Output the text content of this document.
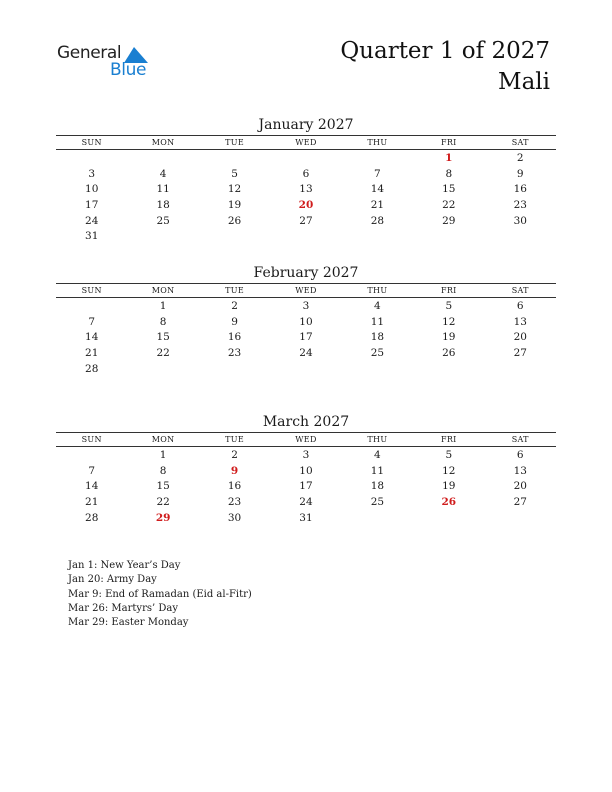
General
Blue
Quarter 1 of 2027
Mali
January 2027
SUN	MON	TUE	WED	THU	FRI	SAT
					1	2
3	4	5	6	7	8	9
10	11	12	13	14	15	16
17	18	19	20	21	22	23
24	25	26	27	28	29	30
31						
February 2027
SUN	MON	TUE	WED	THU	FRI	SAT
	1	2	3	4	5	6
7	8	9	10	11	12	13
14	15	16	17	18	19	20
21	22	23	24	25	26	27
28						
March 2027
SUN	MON	TUE	WED	THU	FRI	SAT
	1	2	3	4	5	6
7	8	9	10	11	12	13
14	15	16	17	18	19	20
21	22	23	24	25	26	27
28	29	30	31			
Jan 1: New Year’s Day
Jan 20: Army Day
Mar 9: End of Ramadan (Eid al-Fitr)
Mar 26: Martyrs’ Day
Mar 29: Easter Monday
